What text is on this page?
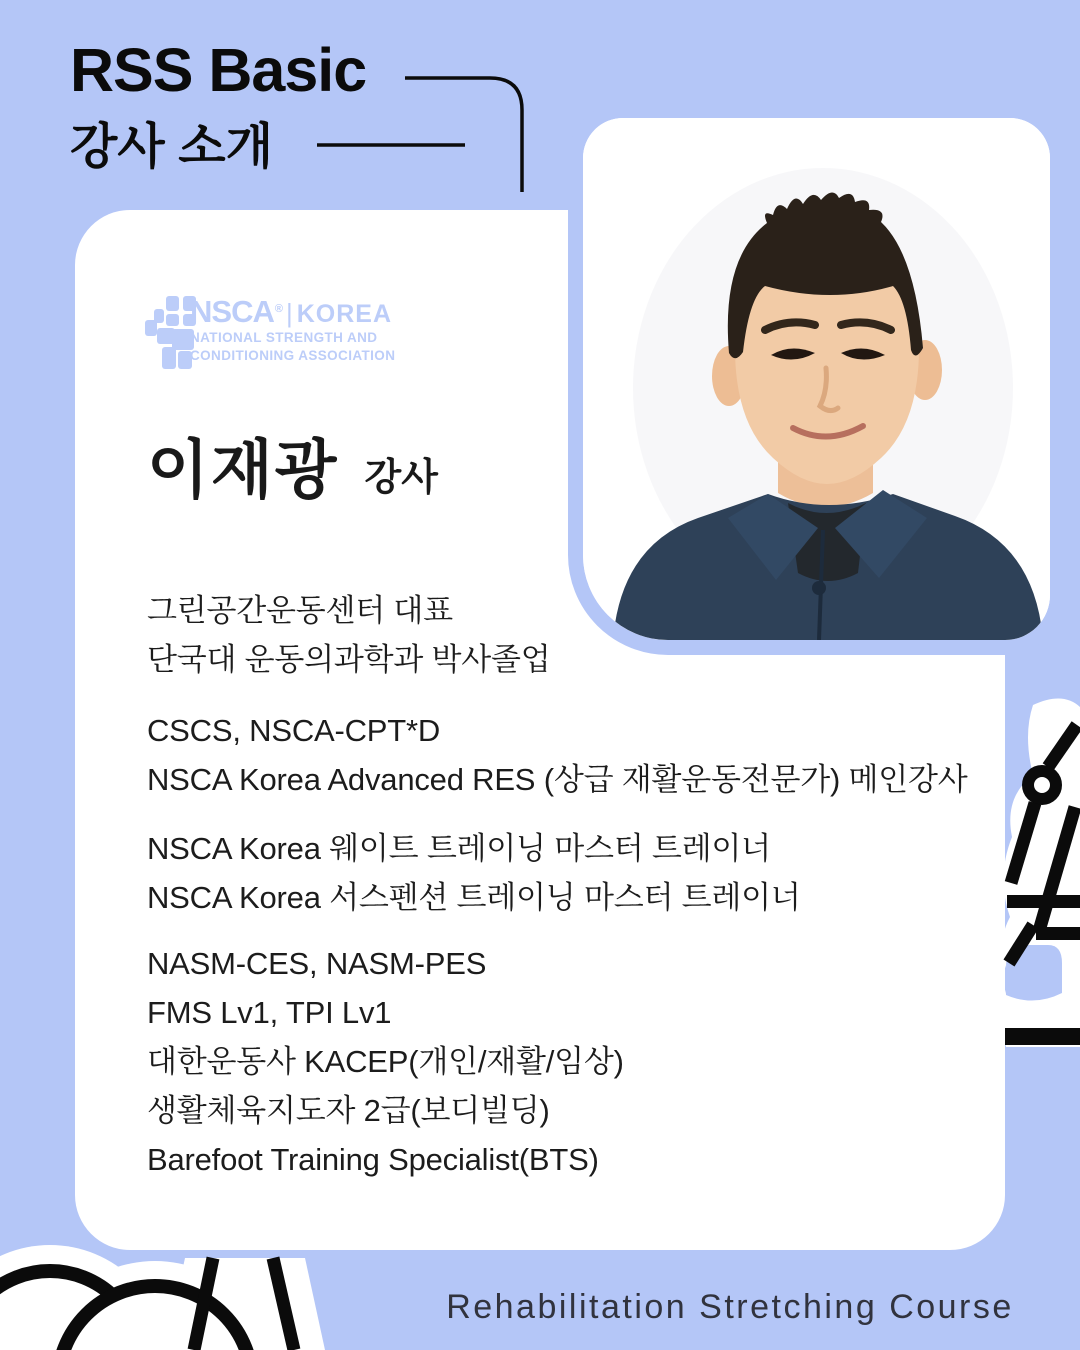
RSS Basic
강사 소개
NSCA ® | KOREA
NATIONAL STRENGTH AND
CONDITIONING ASSOCIATION
이재광 강사
그린공간운동센터 대표
단국대 운동의과학과 박사졸업
CSCS, NSCA-CPT*D
NSCA Korea Advanced RES (상급 재활운동전문가) 메인강사
NSCA Korea 웨이트 트레이닝 마스터 트레이너
NSCA Korea 서스펜션 트레이닝 마스터 트레이너
NASM-CES, NASM-PES
FMS Lv1, TPI Lv1
대한운동사 KACEP(개인/재활/임상)
생활체육지도자 2급(보디빌딩)
Barefoot Training Specialist(BTS)
Rehabilitation Stretching Course
